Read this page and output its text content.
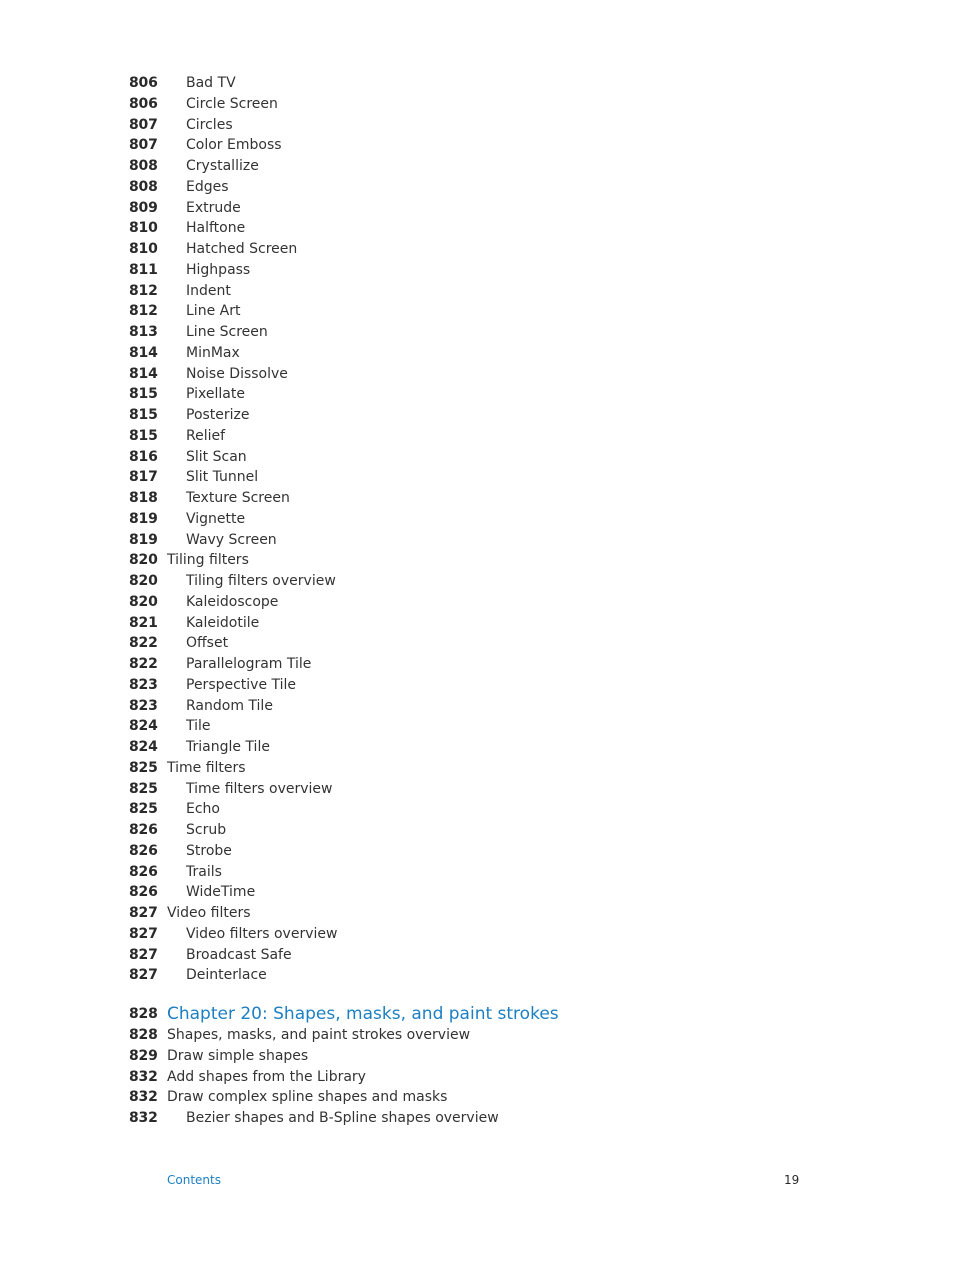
806	Bad TV
806	Circle Screen
807	Circles
807	Color Emboss
808	Crystallize
808	Edges
809	Extrude
810	Halftone
810	Hatched Screen
811	Highpass
812	Indent
812	Line Art
813	Line Screen
814	MinMax
814	Noise Dissolve
815	Pixellate
815	Posterize
815	Relief
816	Slit Scan
817	Slit Tunnel
818	Texture Screen
819	Vignette
819	Wavy Screen
820 Tiling filters
820	Tiling filters overview
820	Kaleidoscope
821	Kaleidotile
822	Offset
822	Parallelogram Tile
823	Perspective Tile
823	Random Tile
824	Tile
824	Triangle Tile
825 Time filters
825	Time filters overview
825	Echo
826	Scrub
826	Strobe
826	Trails
826	WideTime
827 Video filters
827	Video filters overview
827	Broadcast Safe
827	Deinterlace
828 Chapter 20: Shapes, masks, and paint strokes
828 Shapes, masks, and paint strokes overview
829 Draw simple shapes
832 Add shapes from the Library
832 Draw complex spline shapes and masks
832	Bezier shapes and B-Spline shapes overview
Contents	19
